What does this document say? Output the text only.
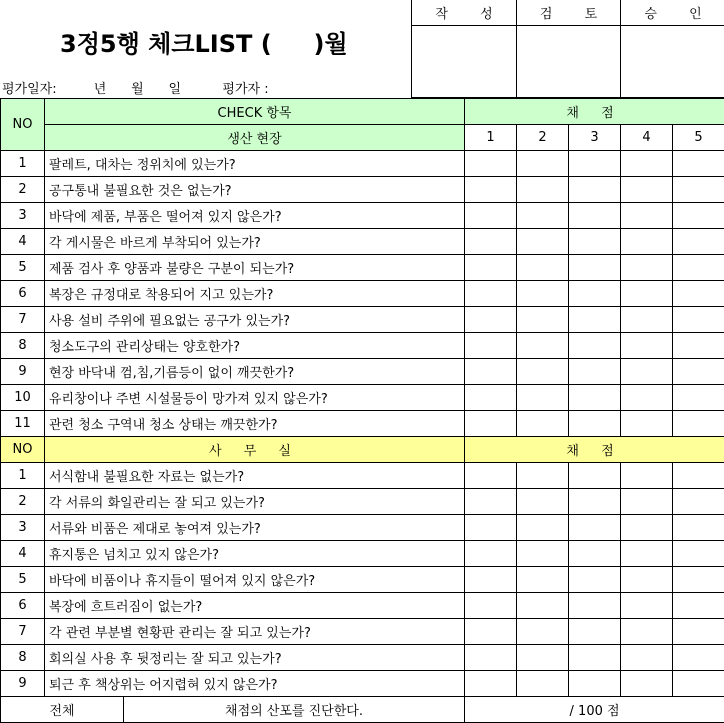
3정5행 체크LIST (     )월
평가일자:         년      월      일          평가자 :
작 성	검 토	승 인
NO	CHECK 항목		채 점				
	생산 현장		1	2	3	4	5
1	팔레트, 대차는 정위치에 있는가?						
2	공구통내 불필요한 것은 없는가?						
3	바닥에 제품, 부품은 떨어져 있지 않은가?						
4	각 게시물은 바르게 부착되어 있는가?						
5	제품 검사 후 양품과 불량은 구분이 되는가?						
6	복장은 규정대로 착용되어 지고 있는가?						
7	사용 설비 주위에 필요없는 공구가 있는가?						
8	청소도구의 관리상태는 양호한가?						
9	현장 바닥내 껌,침,기름등이 없이 깨끗한가?						
10	유리창이나 주변 시설물등이 망가져 있지 않은가?						
11	관련 청소 구역내 청소 상태는 깨끗한가?						
NO	사 무 실		채 점				
1	서식함내 불필요한 자료는 없는가?						
2	각 서류의 화일관리는 잘 되고 있는가?						
3	서류와 비품은 제대로 놓여져 있는가?						
4	휴지통은 넘치고 있지 않은가?						
5	바닥에 비품이나 휴지들이 떨어져 있지 않은가?						
6	복장에 흐트러짐이 없는가?						
7	각 관련 부분별 현황판 관리는 잘 되고 있는가?						
8	회의실 사용 후 뒷정리는 잘 되고 있는가?						
9	퇴근 후 책상위는 어지렵혀 있지 않은가?						
전체		채점의 산포를 진단한다.	/ 100 점				
